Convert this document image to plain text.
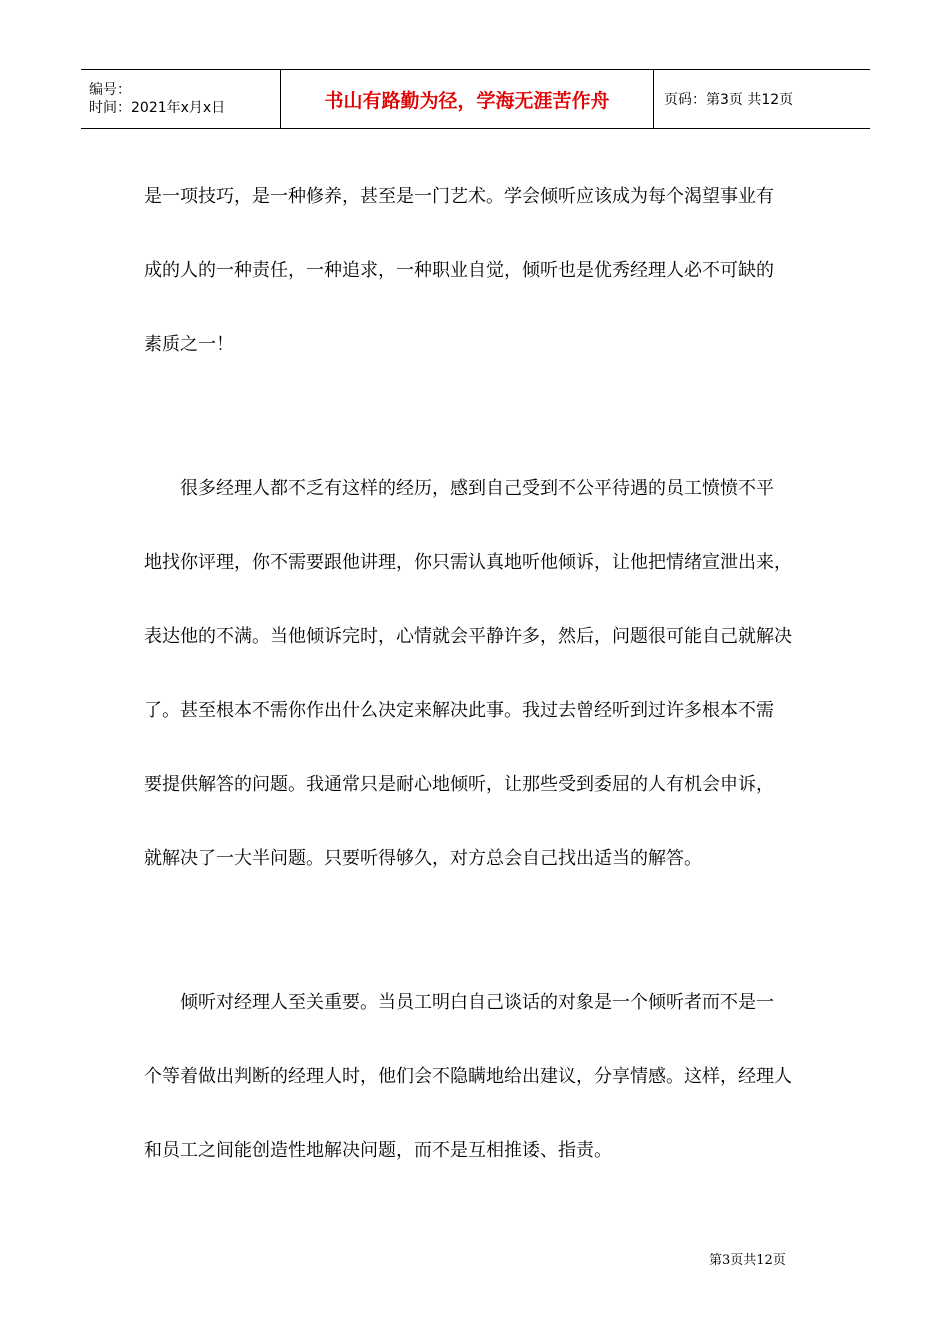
编号：
时间：2021年x月x日	书山有路勤为径，学海无涯苦作舟	页码：第3页 共12页

是一项技巧，是一种修养，甚至是一门艺术。学会倾听应该成为每个渴望事业有

成的人的一种责任，一种追求，一种职业自觉，倾听也是优秀经理人必不可缺的

素质之一！

很多经理人都不乏有这样的经历，感到自己受到不公平待遇的员工愤愤不平

地找你评理，你不需要跟他讲理，你只需认真地听他倾诉，让他把情绪宣泄出来，

表达他的不满。当他倾诉完时，心情就会平静许多，然后，问题很可能自己就解决

了。甚至根本不需你作出什么决定来解决此事。我过去曾经听到过许多根本不需

要提供解答的问题。我通常只是耐心地倾听，让那些受到委屈的人有机会申诉，

就解决了一大半问题。只要听得够久，对方总会自己找出适当的解答。

倾听对经理人至关重要。当员工明白自己谈话的对象是一个倾听者而不是一

个等着做出判断的经理人时，他们会不隐瞒地给出建议，分享情感。这样，经理人

和员工之间能创造性地解决问题，而不是互相推诿、指责。

第3页共12页
